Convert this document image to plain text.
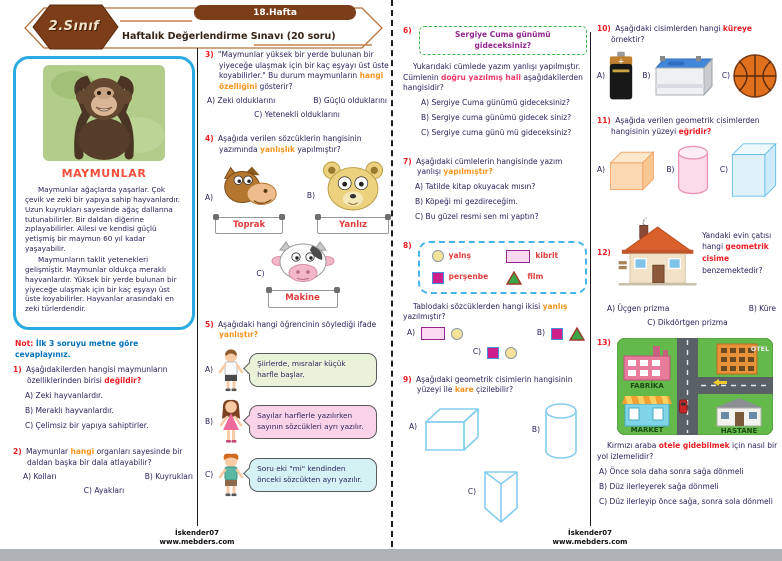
2.Sınıf
18.Hafta
Haftalık Değerlendirme Sınavı (20 soru)
MAYMUNLAR
Maymunlar ağaçlarda yaşarlar. Çok çevik ve zeki bir yapıya sahip hayvanlardır. Uzun kuyrukları sayesinde ağaç dallarına tutunabilirler. Bir daldan diğerine zıplayabilirler. Ailesi ve kendisi güçlü yetişmiş bir maymun 60 yıl kadar yaşayabilir.
Maymunların taklit yetenekleri gelişmiştir. Maymunlar oldukça meraklı hayvanlardır. Yüksek bir yerde bulunan bir yiyeceğe ulaşmak için bir kaç eşyayı üst üste koyabilirler. Hayvanlar arasındaki en zeki türlerdendir.
Not: İlk 3 soruyu metne göre cevaplayınız.
1) Aşağıdakilerden hangisi maymunların özelliklerinden birisi değildir?
A) Zeki hayvanlardır.
B) Meraklı hayvanlardır.
C) Çelimsiz bir yapıya sahiptirler.
2) Maymunlar hangi organları sayesinde bir daldan başka bir dala atlayabilir?
A) Kolları	B) Kuyrukları
C) Ayakları
3) "Maymunlar yüksek bir yerde bulunan bir yiyeceğe ulaşmak için bir kaç eşyayı üst üste koyabilirler." Bu durum maymunların hangi özelliğini gösterir?
A) Zeki olduklarını	B) Güçlü olduklarını
C) Yetenekli olduklarını
4) Aşağıda verilen sözcüklerin hangisinin yazımında yanlışlık yapılmıştır?
A)
Toprak
B)
Yanlız
C)
Makine
5) Aşağıdaki hangi öğrencinin söylediği ifade yanlıştır?
A)
Şiirlerde, mısralar küçük harfle başlar.
B)
Sayılar harflerle yazılırken sayının sözcükleri ayrı yazılır.
C)
Soru eki "mi" kendinden önceki sözcükten ayrı yazılır.
6)	Sergiye Cuma günümü gideceksiniz?
Yukarıdaki cümlede yazım yanlışı yapılmıştır. Cümlenin doğru yazılmış hali aşağıdakilerden hangisidir?
A) Sergiye Cuma günümü gideceksiniz?
B) Sergiye cuma günümü gidecek siniz?
C) Sergiye cuma günü mü gideceksiniz?
7) Aşağıdaki cümlelerin hangisinde yazım yanlışı yapılmıştır?
A) Tatilde kitap okuyacak mısın?
B) Köpeği mi gezdireceğim.
C) Bu güzel resmi sen mi yaptın?
8)
yalnş	kibrit
perşenbe	film
Tablodaki sözcüklerden hangi ikisi yanlış yazılmıştır?
A)	B)
C)
9) Aşağıdaki geometrik cisimlerin hangisinin yüzeyi ile kare çizilebilir?
A)	B)
C)
10) Aşağıdaki cisimlerden hangi küreye örnektir?
A)
+
B)	C)
11) Aşağıda verilen geometrik cisimlerden hangisinin yüzeyi eğridir?
A)	B)	C)
12)
Yandaki evin çatısı hangi geometrik cisime benzemektedir?
A) Üçgen prizma	B) Küre
C) Dikdörtgen prizma
13)
FABRİKA
OTEL
MARKET	HASTANE
Kırmızı araba otele gidebilmek için nasıl bir yol izlemelidir?
A) Önce sola daha sonra sağa dönmeli
B) Düz ilerleyerek sağa dönmeli
C) Düz ilerleyip önce sağa, sonra sola dönmeli
İskender07
www.mebders.com
İskender07
www.mebders.com
